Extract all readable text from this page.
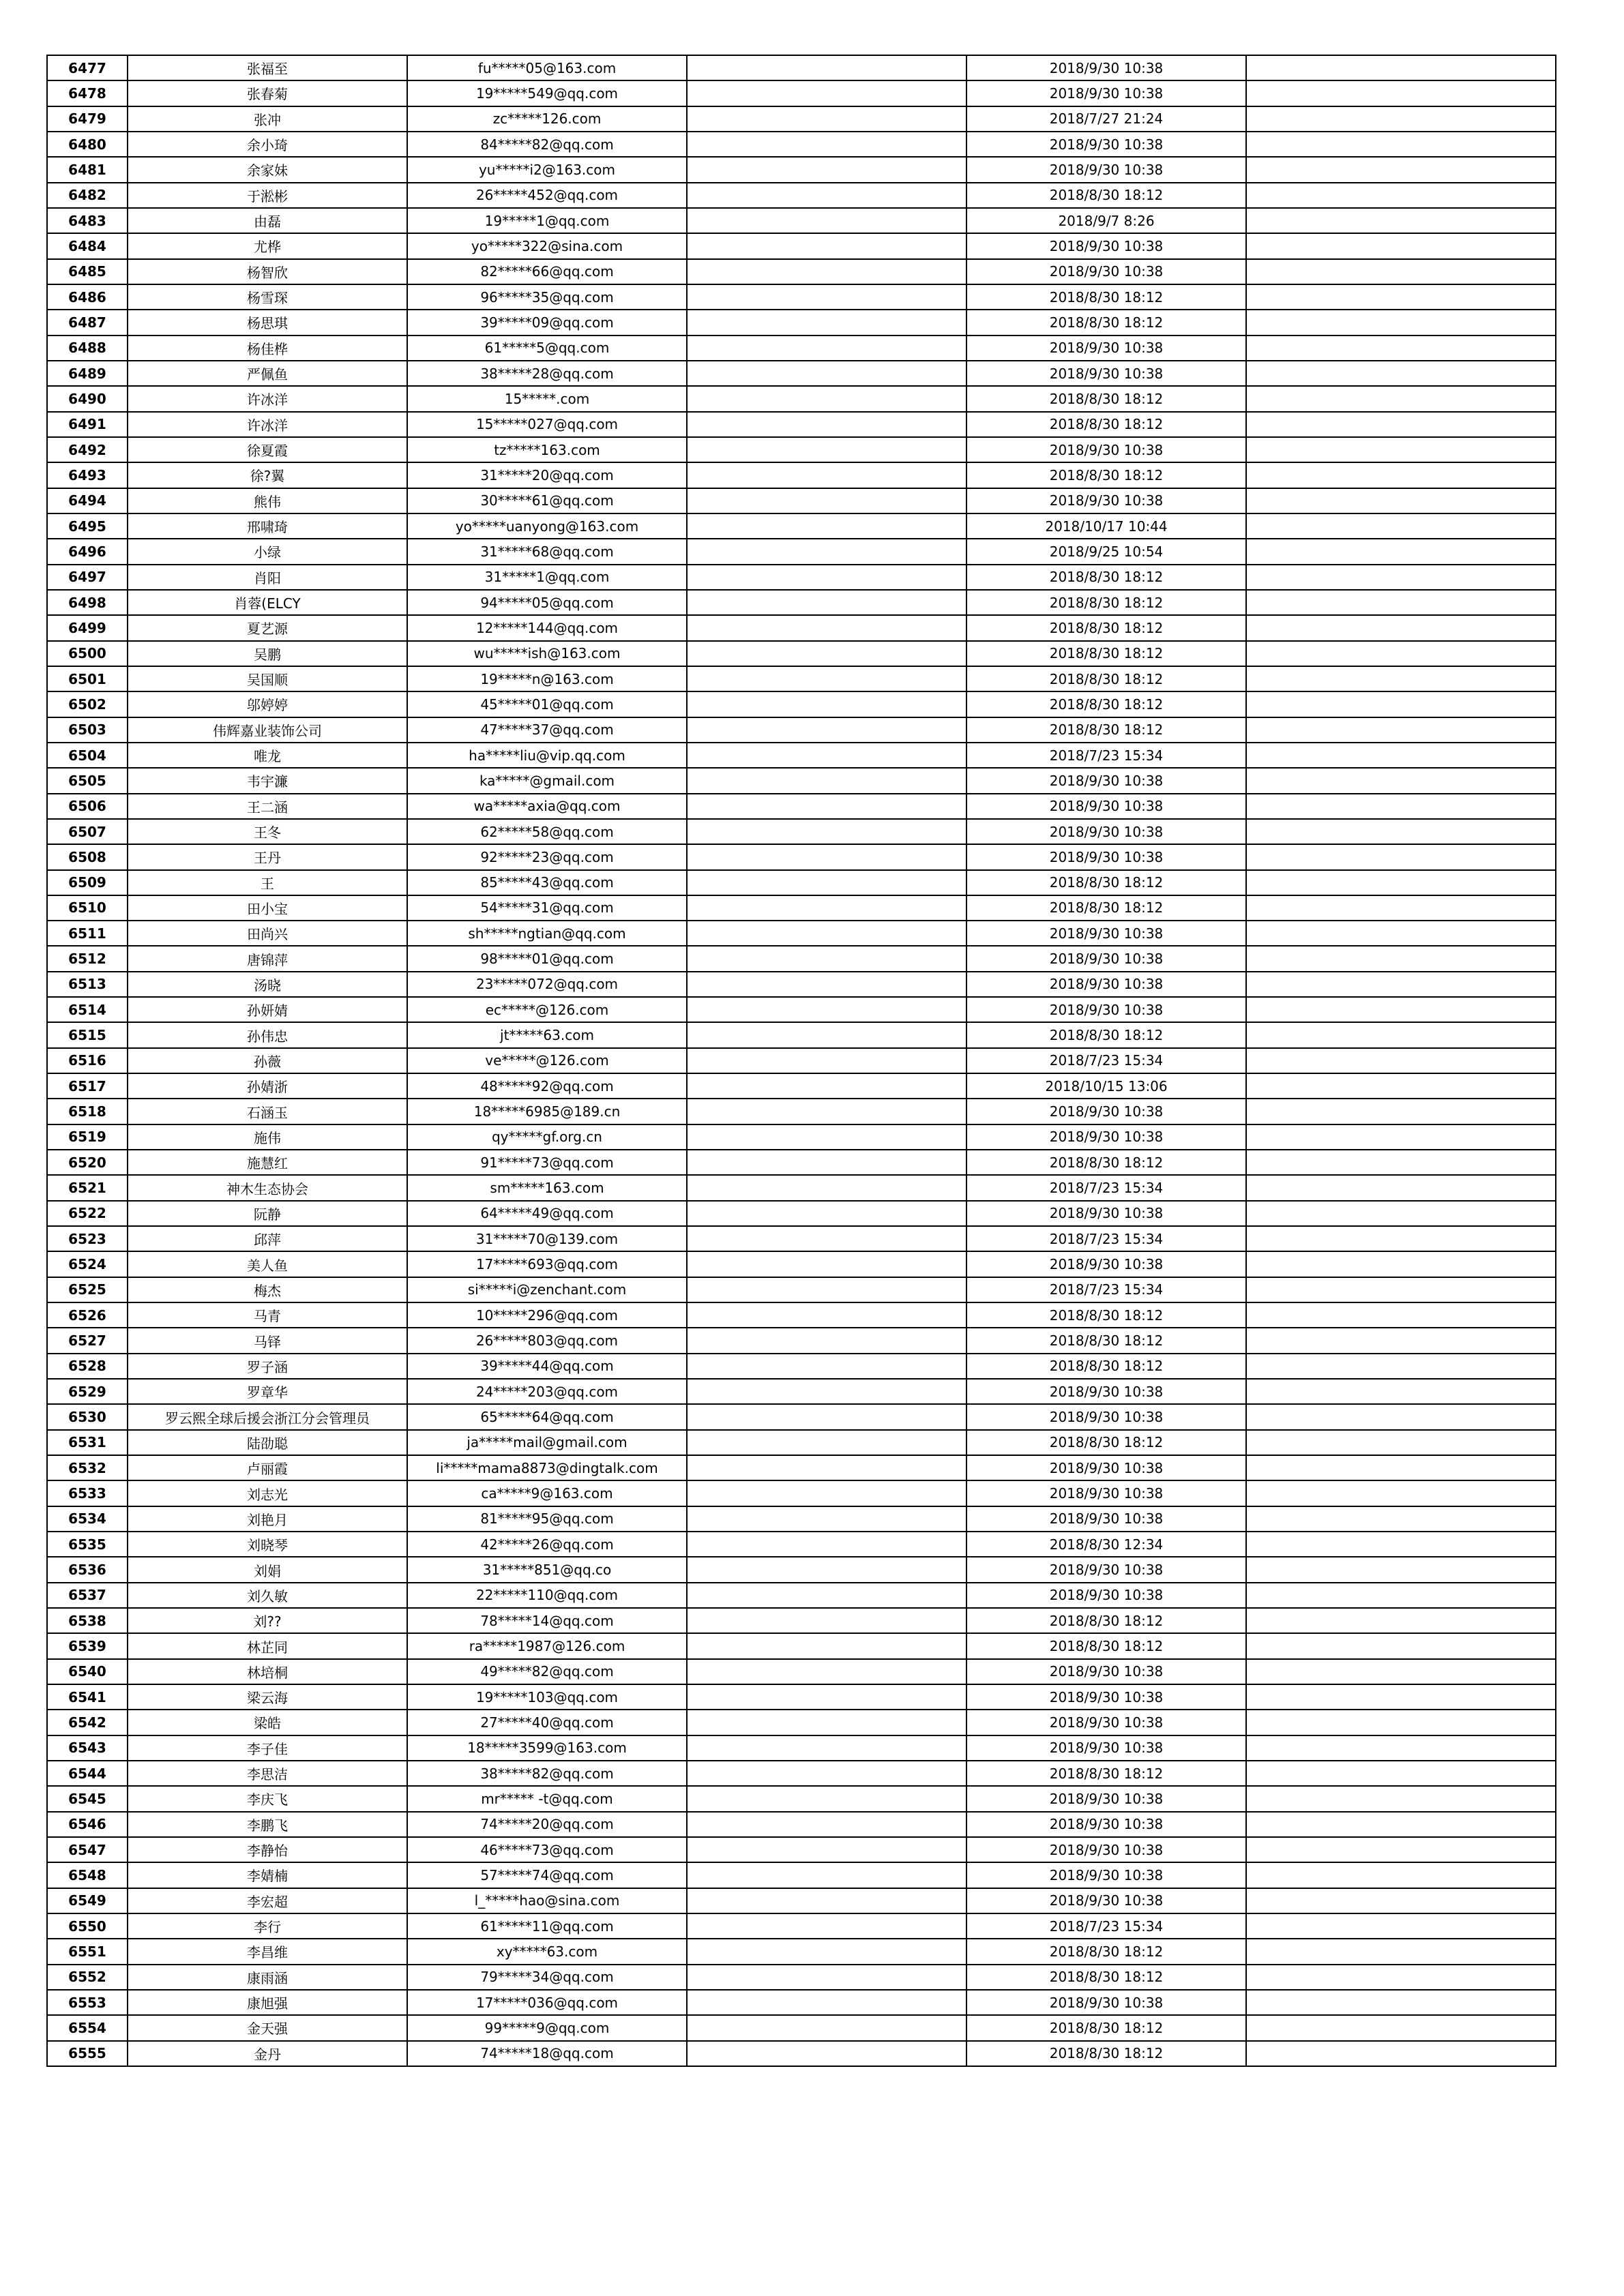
6477	张福至	fu*****05@163.com		2018/9/30 10:38	
6478	张春菊	19*****549@qq.com		2018/9/30 10:38	
6479	张冲	zc*****126.com		2018/7/27 21:24	
6480	余小琦	84*****82@qq.com		2018/9/30 10:38	
6481	余家妹	yu*****i2@163.com		2018/9/30 10:38	
6482	于淞彬	26*****452@qq.com		2018/8/30 18:12	
6483	由磊	19*****1@qq.com		2018/9/7 8:26	
6484	尤桦	yo*****322@sina.com		2018/9/30 10:38	
6485	杨智欣	82*****66@qq.com		2018/9/30 10:38	
6486	杨雪琛	96*****35@qq.com		2018/8/30 18:12	
6487	杨思琪	39*****09@qq.com		2018/8/30 18:12	
6488	杨佳桦	61*****5@qq.com		2018/9/30 10:38	
6489	严佩鱼	38*****28@qq.com		2018/9/30 10:38	
6490	许冰洋	15*****.com		2018/8/30 18:12	
6491	许冰洋	15*****027@qq.com		2018/8/30 18:12	
6492	徐夏霞	tz*****163.com		2018/9/30 10:38	
6493	徐?翼	31*****20@qq.com		2018/8/30 18:12	
6494	熊伟	30*****61@qq.com		2018/9/30 10:38	
6495	邢啸琦	yo*****uanyong@163.com		2018/10/17 10:44	
6496	小绿	31*****68@qq.com		2018/9/25 10:54	
6497	肖阳	31*****1@qq.com		2018/8/30 18:12	
6498	肖蓉(ELCY	94*****05@qq.com		2018/8/30 18:12	
6499	夏艺源	12*****144@qq.com		2018/8/30 18:12	
6500	吴鹏	wu*****ish@163.com		2018/8/30 18:12	
6501	吴国顺	19*****n@163.com		2018/8/30 18:12	
6502	邬婷婷	45*****01@qq.com		2018/8/30 18:12	
6503	伟辉嘉业装饰公司	47*****37@qq.com		2018/8/30 18:12	
6504	唯龙	ha*****liu@vip.qq.com		2018/7/23 15:34	
6505	韦宇濂	ka*****@gmail.com		2018/9/30 10:38	
6506	王二涵	wa*****axia@qq.com		2018/9/30 10:38	
6507	王冬	62*****58@qq.com		2018/9/30 10:38	
6508	王丹	92*****23@qq.com		2018/9/30 10:38	
6509	王	85*****43@qq.com		2018/8/30 18:12	
6510	田小宝	54*****31@qq.com		2018/8/30 18:12	
6511	田尚兴	sh*****ngtian@qq.com		2018/9/30 10:38	
6512	唐锦萍	98*****01@qq.com		2018/9/30 10:38	
6513	汤晓	23*****072@qq.com		2018/9/30 10:38	
6514	孙妍婧	ec*****@126.com		2018/9/30 10:38	
6515	孙伟忠	jt*****63.com		2018/8/30 18:12	
6516	孙薇	ve*****@126.com		2018/7/23 15:34	
6517	孙婧浙	48*****92@qq.com		2018/10/15 13:06	
6518	石涵玉	18*****6985@189.cn		2018/9/30 10:38	
6519	施伟	qy*****gf.org.cn		2018/9/30 10:38	
6520	施慧红	91*****73@qq.com		2018/8/30 18:12	
6521	神木生态协会	sm*****163.com		2018/7/23 15:34	
6522	阮静	64*****49@qq.com		2018/9/30 10:38	
6523	邱萍	31*****70@139.com		2018/7/23 15:34	
6524	美人鱼	17*****693@qq.com		2018/9/30 10:38	
6525	梅杰	si*****i@zenchant.com		2018/7/23 15:34	
6526	马青	10*****296@qq.com		2018/8/30 18:12	
6527	马铎	26*****803@qq.com		2018/8/30 18:12	
6528	罗子涵	39*****44@qq.com		2018/8/30 18:12	
6529	罗章华	24*****203@qq.com		2018/9/30 10:38	
6530	罗云熙全球后援会浙江分会管理员	65*****64@qq.com		2018/9/30 10:38	
6531	陆劭聪	ja*****mail@gmail.com		2018/8/30 18:12	
6532	卢丽霞	li*****mama8873@dingtalk.com		2018/9/30 10:38	
6533	刘志光	ca*****9@163.com		2018/9/30 10:38	
6534	刘艳月	81*****95@qq.com		2018/9/30 10:38	
6535	刘晓琴	42*****26@qq.com		2018/8/30 12:34	
6536	刘娟	31*****851@qq.co		2018/9/30 10:38	
6537	刘久敏	22*****110@qq.com		2018/9/30 10:38	
6538	刘??	78*****14@qq.com		2018/8/30 18:12	
6539	林芷同	ra*****1987@126.com		2018/8/30 18:12	
6540	林培桐	49*****82@qq.com		2018/9/30 10:38	
6541	梁云海	19*****103@qq.com		2018/9/30 10:38	
6542	梁皓	27*****40@qq.com		2018/9/30 10:38	
6543	李子佳	18*****3599@163.com		2018/9/30 10:38	
6544	李思洁	38*****82@qq.com		2018/8/30 18:12	
6545	李庆飞	mr***** -t@qq.com		2018/9/30 10:38	
6546	李鹏飞	74*****20@qq.com		2018/9/30 10:38	
6547	李静怡	46*****73@qq.com		2018/9/30 10:38	
6548	李婧楠	57*****74@qq.com		2018/9/30 10:38	
6549	李宏超	l_*****hao@sina.com		2018/9/30 10:38	
6550	李行	61*****11@qq.com		2018/7/23 15:34	
6551	李昌维	xy*****63.com		2018/8/30 18:12	
6552	康雨涵	79*****34@qq.com		2018/8/30 18:12	
6553	康旭强	17*****036@qq.com		2018/9/30 10:38	
6554	金天强	99*****9@qq.com		2018/8/30 18:12	
6555	金丹	74*****18@qq.com		2018/8/30 18:12	
